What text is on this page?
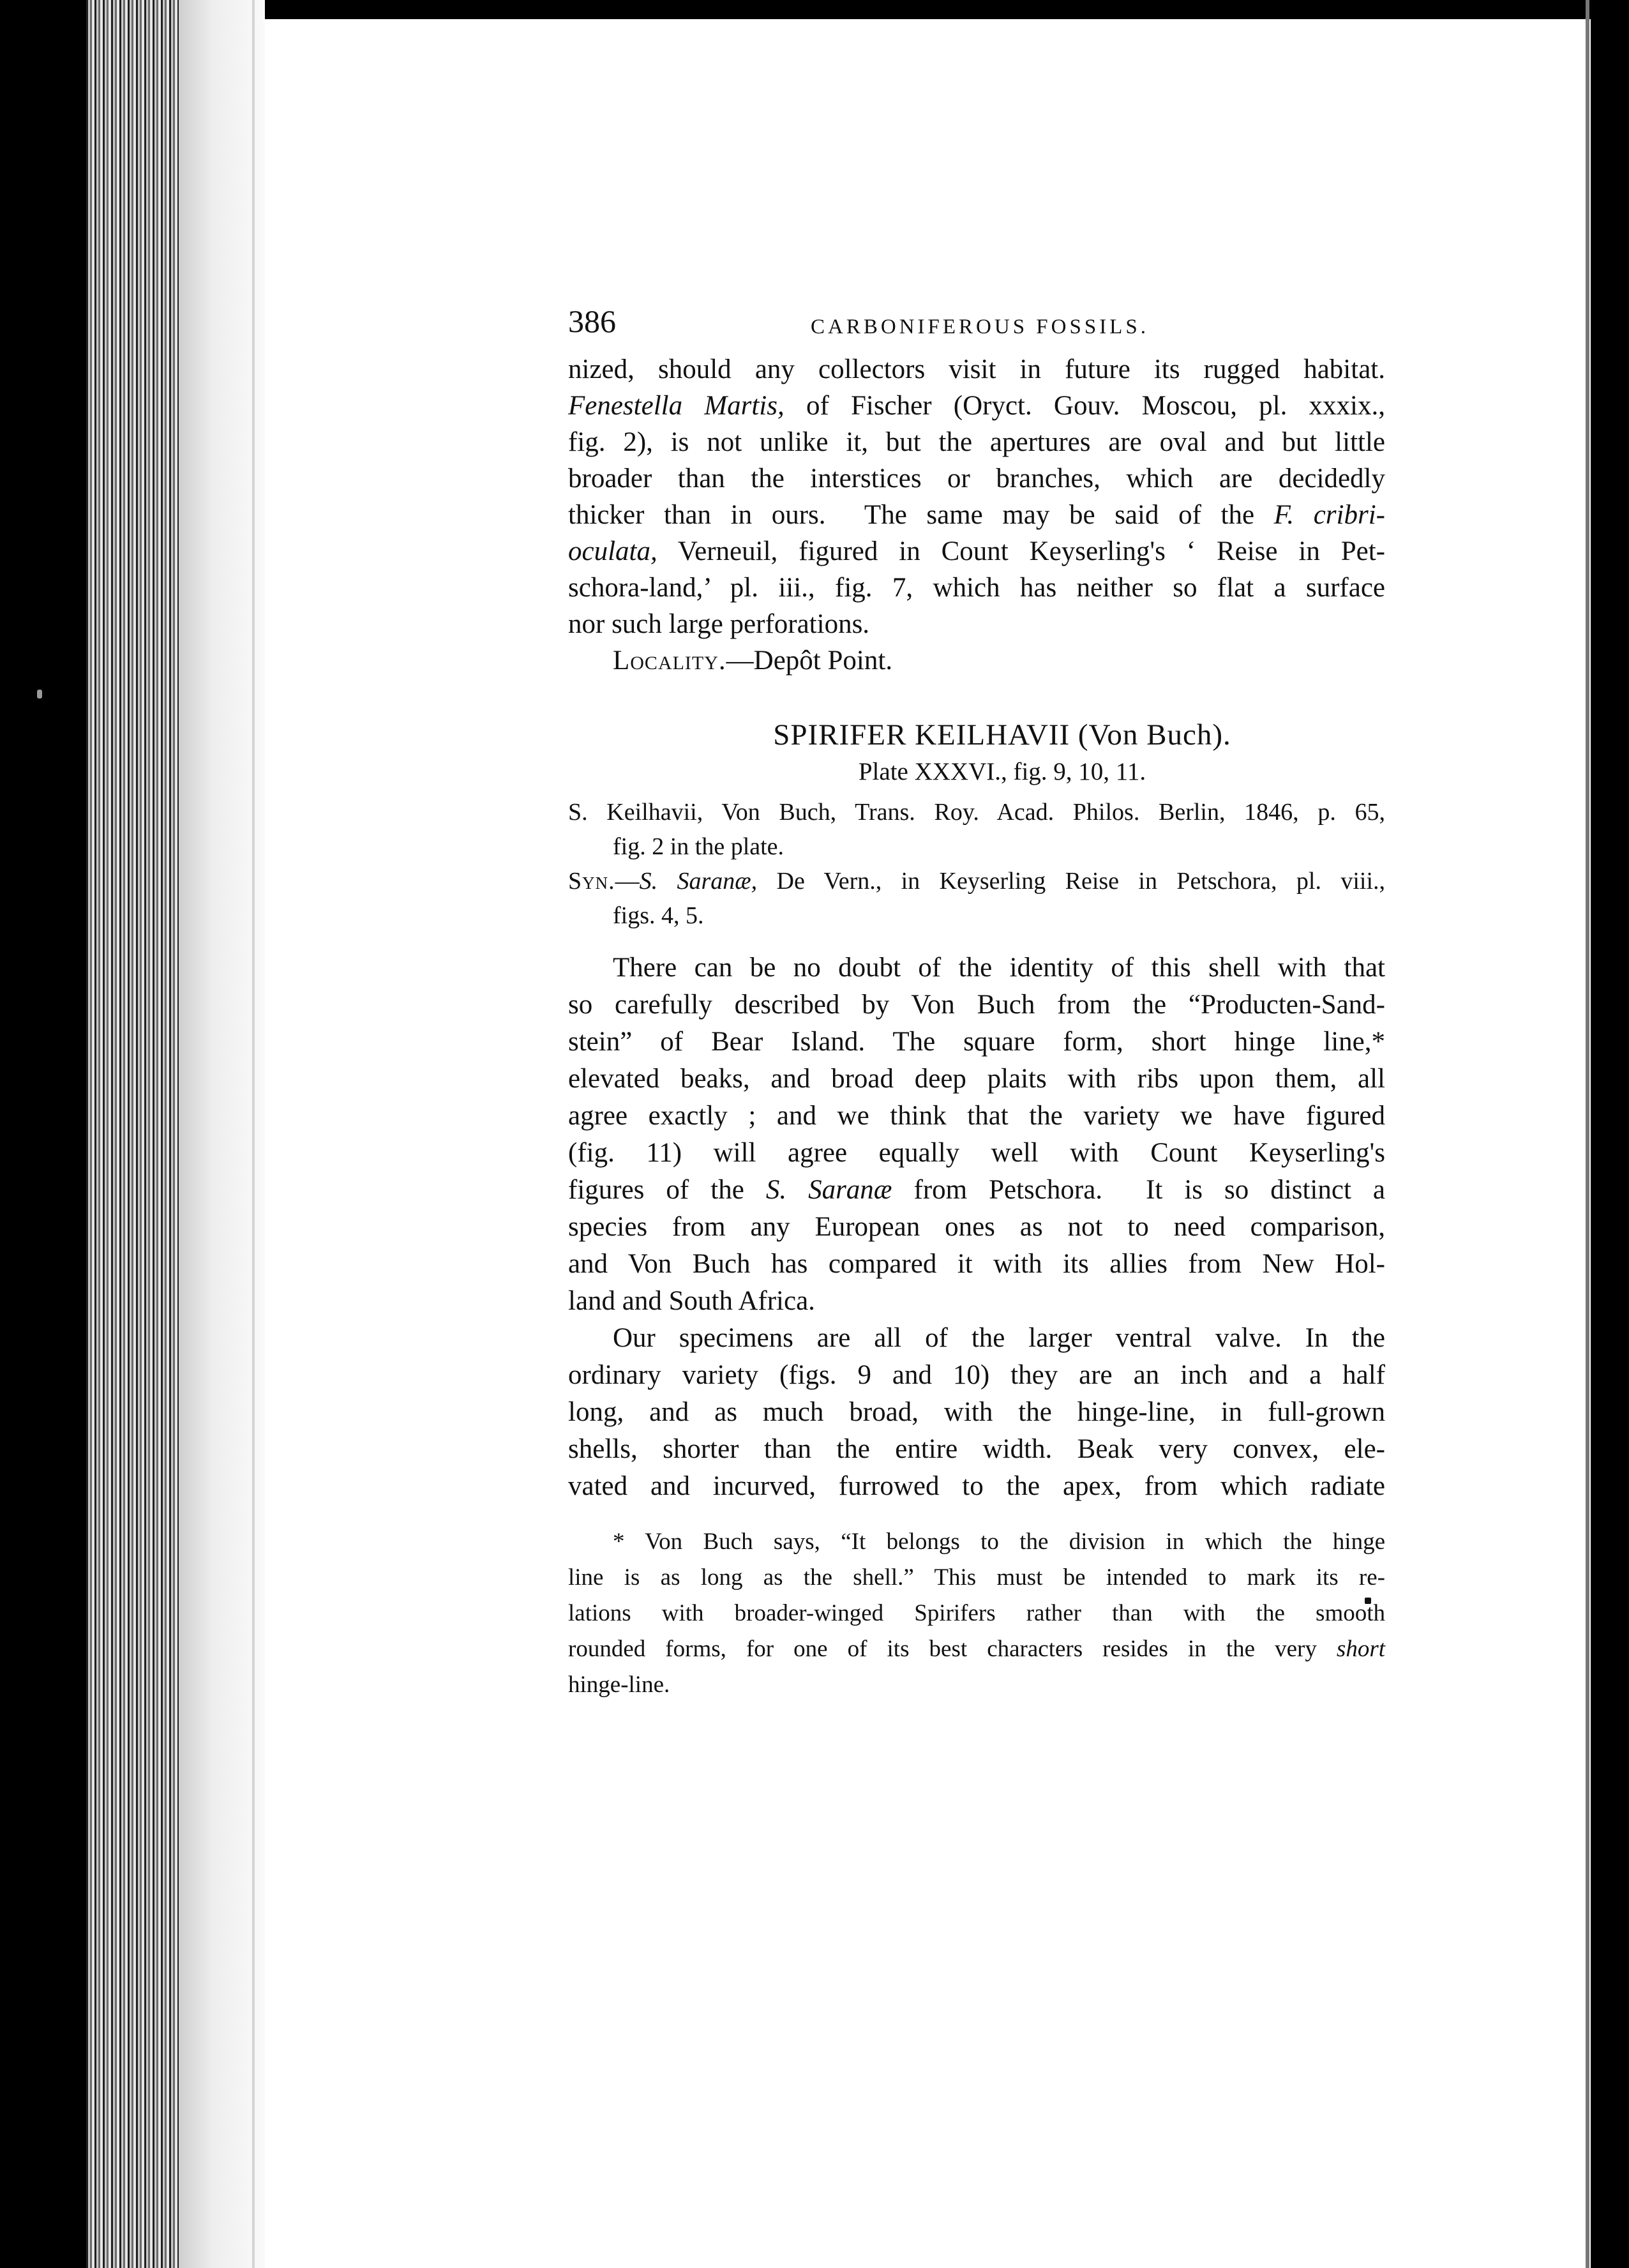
386	CARBONIFEROUS FOSSILS.
nized, should any collectors visit in future its rugged habitat.
Fenestella Martis, of Fischer (Oryct. Gouv. Moscou, pl. xxxix.,
fig. 2), is not unlike it, but the apertures are oval and but little
broader than the interstices or branches, which are decidedly
thicker than in ours.  The same may be said of the F. cribri-
oculata, Verneuil, figured in Count Keyserling's ‘ Reise in Pet-
schora-land,’ pl. iii., fig. 7, which has neither so flat a surface
nor such large perforations.
Locality.—Depôt Point.
SPIRIFER KEILHAVII (Von Buch).
Plate XXXVI., fig. 9, 10, 11.
S. Keilhavii, Von Buch, Trans. Roy. Acad. Philos. Berlin, 1846, p. 65,
fig. 2 in the plate.
Syn.—S. Saranæ, De Vern., in Keyserling Reise in Petschora, pl. viii.,
figs. 4, 5.
There can be no doubt of the identity of this shell with that
so carefully described by Von Buch from the “Producten-Sand-
stein” of Bear Island. The square form, short hinge line,*
elevated beaks, and broad deep plaits with ribs upon them, all
agree exactly ; and we think that the variety we have figured
(fig. 11) will agree equally well with Count Keyserling's
figures of the S. Saranæ from Petschora.  It is so distinct a
species from any European ones as not to need comparison,
and Von Buch has compared it with its allies from New Hol-
land and South Africa.
Our specimens are all of the larger ventral valve. In the
ordinary variety (figs. 9 and 10) they are an inch and a half
long, and as much broad, with the hinge-line, in full-grown
shells, shorter than the entire width. Beak very convex, ele-
vated and incurved, furrowed to the apex, from which radiate
* Von Buch says, “It belongs to the division in which the hinge
line is as long as the shell.” This must be intended to mark its re-
lations with broader-winged Spirifers rather than with the smooth
rounded forms, for one of its best characters resides in the very short
hinge-line.
